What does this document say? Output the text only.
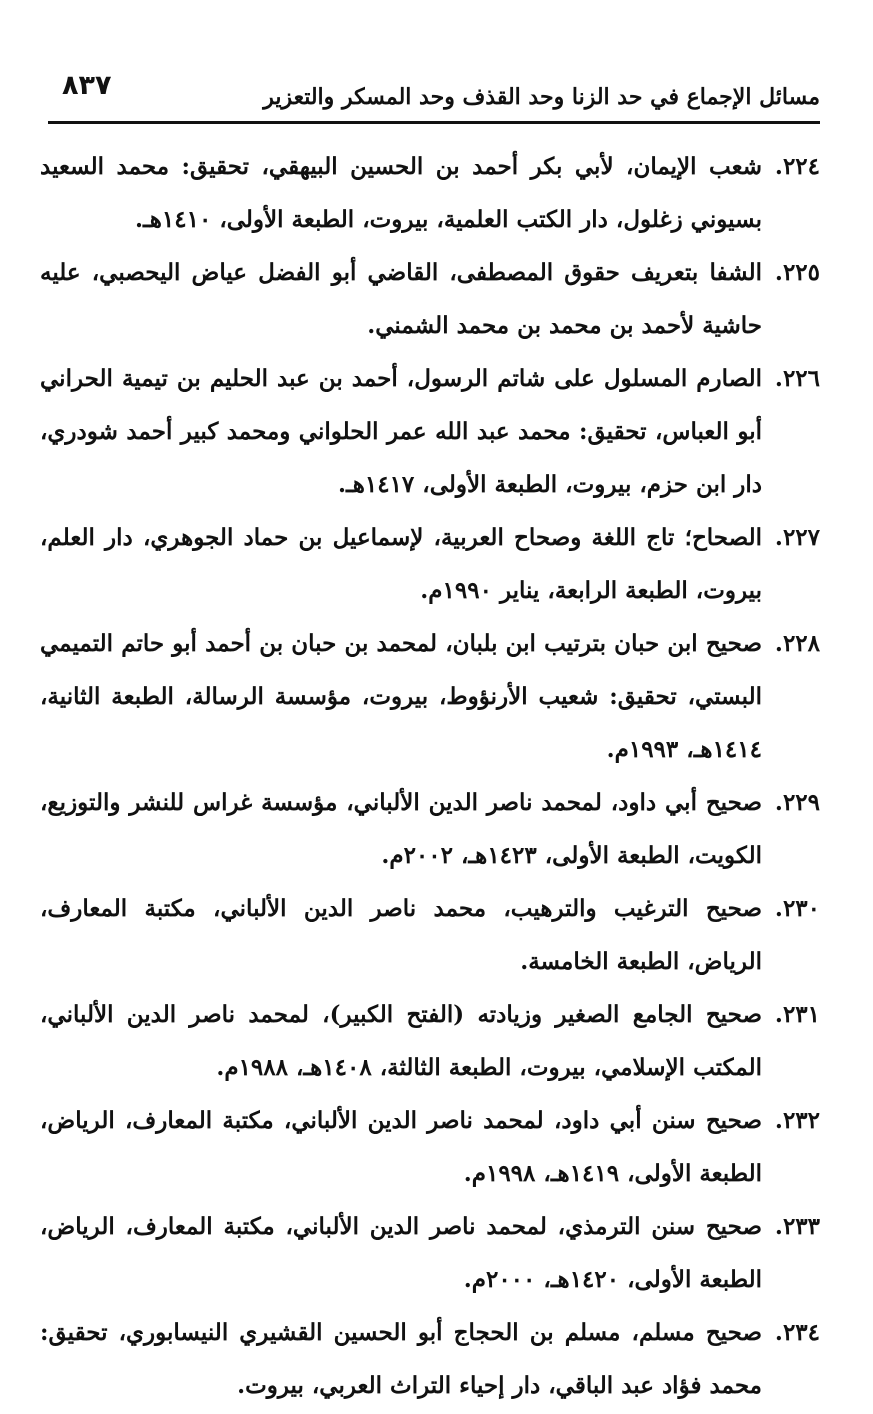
٨٣٧	مسائل الإجماع في حد الزنا وحد القذف وحد المسكر والتعزير
٢٢٤.
شعب الإيمان، لأبي بكر أحمد بن الحسين البيهقي، تحقيق: محمد السعيد بسيوني زغلول، دار الكتب العلمية، بيروت، الطبعة الأولى، ١٤١٠هـ.
٢٢٥.
الشفا بتعريف حقوق المصطفى، القاضي أبو الفضل عياض اليحصبي، عليه حاشية لأحمد بن محمد بن محمد الشمني.
٢٢٦.
الصارم المسلول على شاتم الرسول، أحمد بن عبد الحليم بن تيمية الحراني أبو العباس، تحقيق: محمد عبد الله عمر الحلواني ومحمد كبير أحمد شودري، دار ابن حزم، بيروت، الطبعة الأولى، ١٤١٧هـ.
٢٢٧.
الصحاح؛ تاج اللغة وصحاح العربية، لإسماعيل بن حماد الجوهري، دار العلم، بيروت، الطبعة الرابعة، يناير ١٩٩٠م.
٢٢٨.
صحيح ابن حبان بترتيب ابن بلبان، لمحمد بن حبان بن أحمد أبو حاتم التميمي البستي، تحقيق: شعيب الأرنؤوط، بيروت، مؤسسة الرسالة، الطبعة الثانية، ١٤١٤هـ، ١٩٩٣م.
٢٢٩.
صحيح أبي داود، لمحمد ناصر الدين الألباني، مؤسسة غراس للنشر والتوزيع، الكويت، الطبعة الأولى، ١٤٢٣هـ، ٢٠٠٢م.
٢٣٠.
صحيح الترغيب والترهيب، محمد ناصر الدين الألباني، مكتبة المعارف، الرياض، الطبعة الخامسة.
٢٣١.
صحيح الجامع الصغير وزيادته (الفتح الكبير)، لمحمد ناصر الدين الألباني، المكتب الإسلامي، بيروت، الطبعة الثالثة، ١٤٠٨هـ، ١٩٨٨م.
٢٣٢.
صحيح سنن أبي داود، لمحمد ناصر الدين الألباني، مكتبة المعارف، الرياض، الطبعة الأولى، ١٤١٩هـ، ١٩٩٨م.
٢٣٣.
صحيح سنن الترمذي، لمحمد ناصر الدين الألباني، مكتبة المعارف، الرياض، الطبعة الأولى، ١٤٢٠هـ، ٢٠٠٠م.
٢٣٤.
صحيح مسلم، مسلم بن الحجاج أبو الحسين القشيري النيسابوري، تحقيق: محمد فؤاد عبد الباقي، دار إحياء التراث العربي، بيروت.
